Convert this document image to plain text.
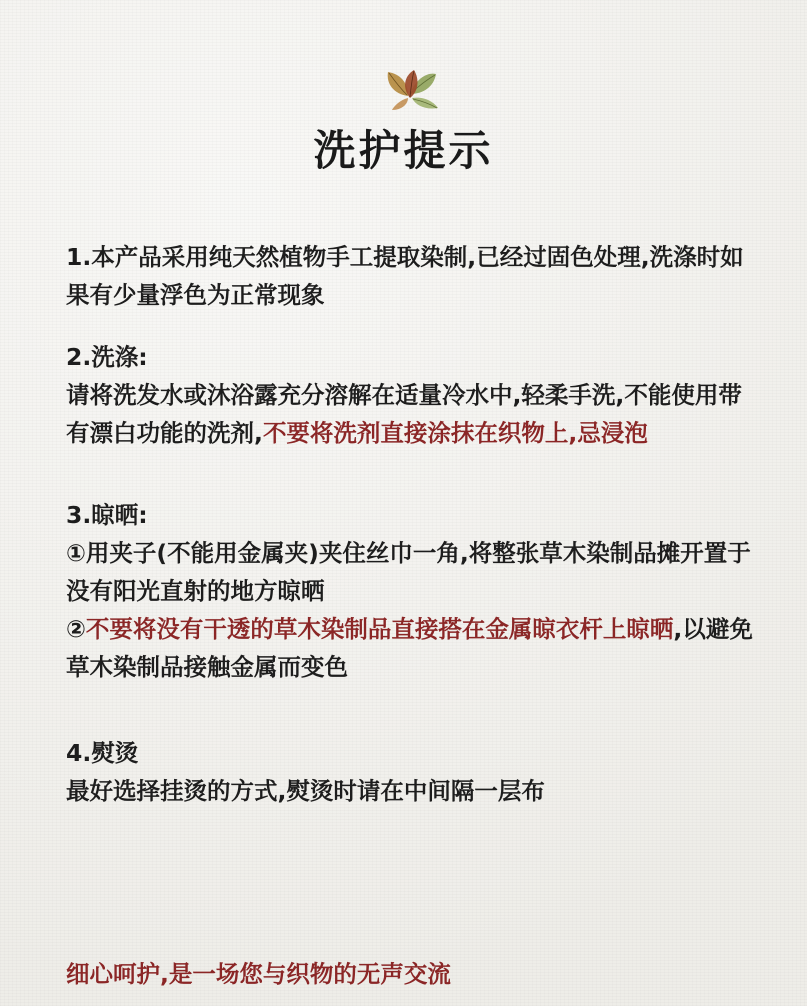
洗护提示

1.本产品采用纯天然植物手工提取染制,已经过固色处理,洗涤时如果有少量浮色为正常现象

2.洗涤:

请将洗发水或沐浴露充分溶解在适量冷水中,轻柔手洗,不能使用带有漂白功能的洗剂,不要将洗剂直接涂抹在织物上,忌浸泡

3.晾晒:

①用夹子(不能用金属夹)夹住丝巾一角,将整张草木染制品摊开置于没有阳光直射的地方晾晒

②不要将没有干透的草木染制品直接搭在金属晾衣杆上晾晒,以避免草木染制品接触金属而变色

4.熨烫

最好选择挂烫的方式,熨烫时请在中间隔一层布

细心呵护,是一场您与织物的无声交流
